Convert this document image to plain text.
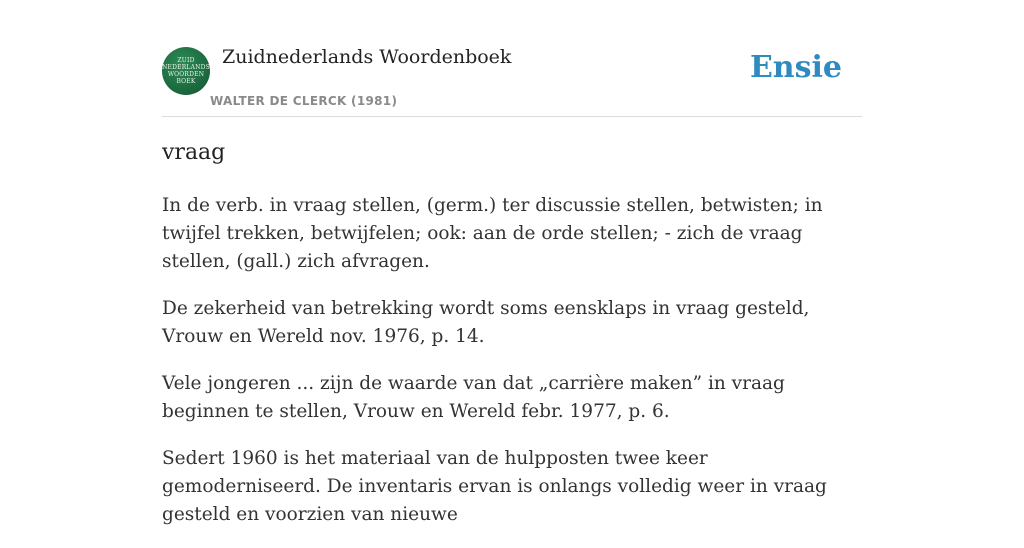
ZUID
NEDERLANDS
WOORDEN
BOEK
Zuidnederlands Woordenboek
WALTER DE CLERCK (1981)
Ensie
vraag

In de verb. in vraag stellen, (germ.) ter discussie stellen, betwisten; in twijfel trekken, betwijfelen; ook: aan de orde stellen; - zich de vraag stellen, (gall.) zich afvragen.

De zekerheid van betrekking wordt soms eensklaps in vraag gesteld, Vrouw en Wereld nov. 1976, p. 14.

Vele jongeren ... zijn de waarde van dat „carrière maken” in vraag beginnen te stellen, Vrouw en Wereld febr. 1977, p. 6.

Sedert 1960 is het materiaal van de hulpposten twee keer gemoderniseerd. De inventaris ervan is onlangs volledig weer in vraag gesteld en voorzien van nieuwe
